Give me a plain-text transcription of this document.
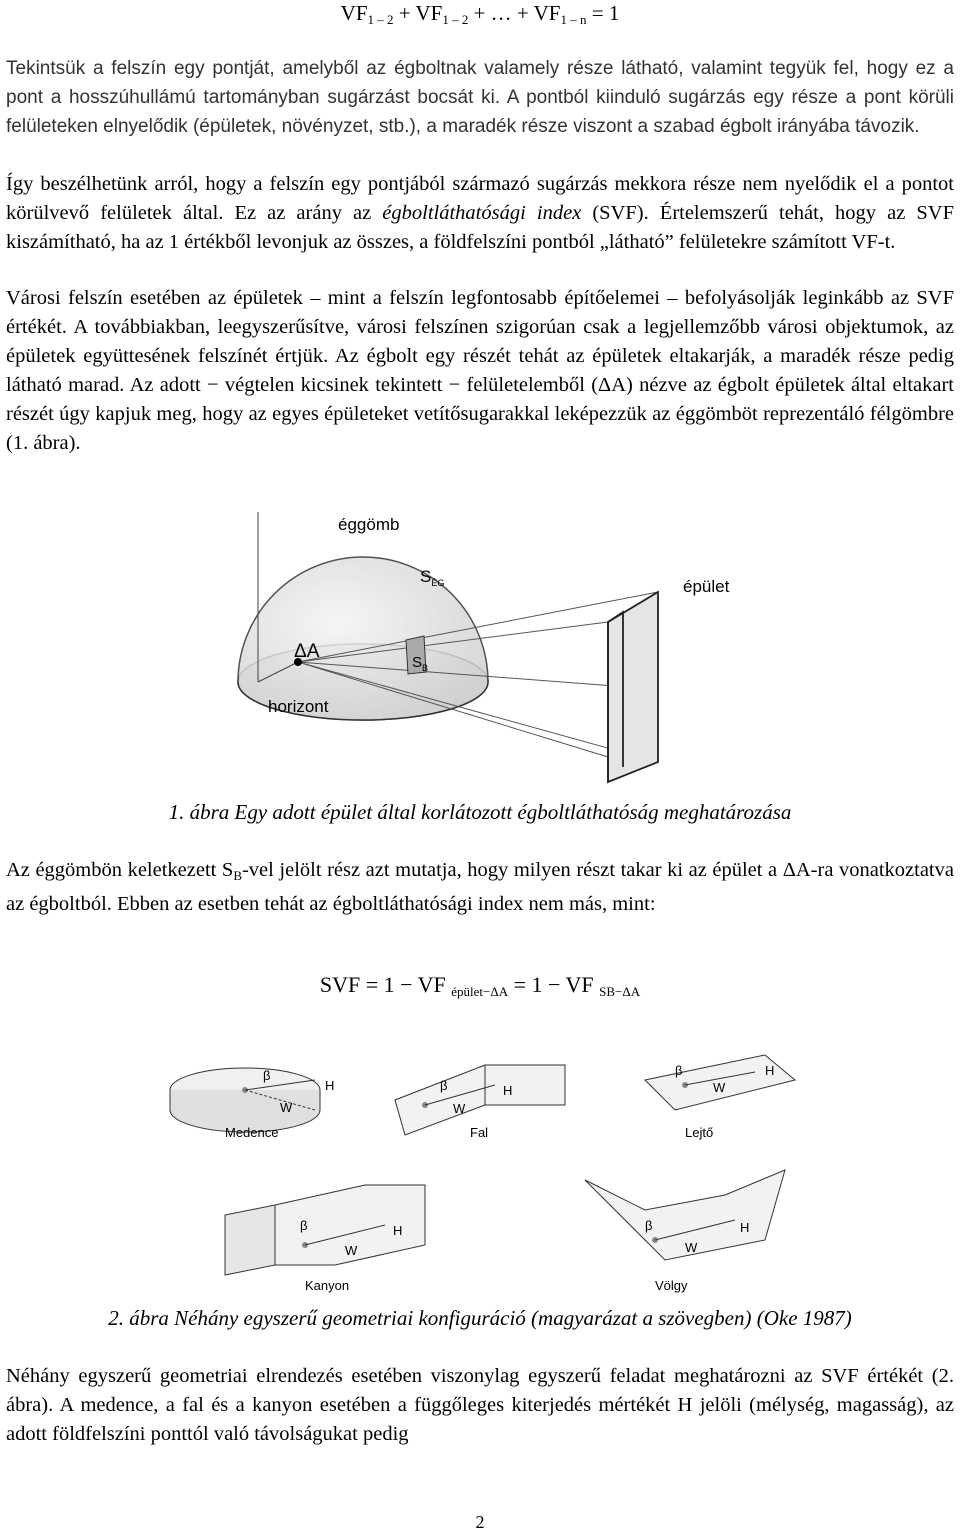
$VF_{1 - 2} + VF_{1 - 2}$ + … + $VF_{1 - n} = 1$

Tekintsük a felszín egy pontját, amelyből az égboltnak valamely része látható, valamint tegyük fel, hogy ez a pont a hosszúhullámú tartományban sugárzást bocsát ki. A pontból kiinduló sugárzás egy része a pont körüli felületeken elnyelődik (épületek, növényzet, stb.), a maradék része viszont a szabad égbolt irányába távozik.

Így beszélhetünk arról, hogy a felszín egy pontjából származó sugárzás mekkora része nem nyelődik el a pontot körülvevő felületek által. Ez az arány az égboltláthatósági index (SVF). Értelemszerű tehát, hogy az SVF kiszámítható, ha az 1 értékből levonjuk az összes, a földfelszíni pontból „látható” felületekre számított VF-t.

Városi felszín esetében az épületek – mint a felszín legfontosabb építőelemei – befolyásolják leginkább az SVF értékét. A továbbiakban, leegyszerűsítve, városi felszínen szigorúan csak a legjellemzőbb városi objektumok, az épületek együttesének felszínét értjük. Az égbolt egy részét tehát az épületek eltakarják, a maradék része pedig látható marad. Az adott − végtelen kicsinek tekintett − felületelemből (ΔA) nézve az égbolt épületek által eltakart részét úgy kapjuk meg, hogy az egyes épületeket vetítősugarakkal leképezzük az éggömböt reprezentáló félgömbre (1. ábra).

éggömb
$S_{ÉG}$	épület
ΔA
$S_B$
horizont
1. ábra Egy adott épület által korlátozott égboltláthatóság meghatározása

Az éggömbön keletkezett $S_B$-vel jelölt rész azt mutatja, hogy milyen részt takar ki az épület a ΔA-ra vonatkoztatva az égboltból. Ebben az esetben tehát az égboltláthatósági index nem más, mint:

SVF = 1 − VF $_{épület-\Delta A}$ = 1 − VF $_{SB-\Delta A}$
β
H
W
Medence
β	H
W
Fal
β	H
W
Lejtő
β	H
W
Kanyon
β	H
W
Völgy
2. ábra Néhány egyszerű geometriai konfiguráció (magyarázat a szövegben) (Oke 1987)

Néhány egyszerű geometriai elrendezés esetében viszonylag egyszerű feladat meghatározni az SVF értékét (2. ábra). A medence, a fal és a kanyon esetében a függőleges kiterjedés mértékét H jelöli (mélység, magasság), az adott földfelszíni ponttól való távolságukat pedig

2
